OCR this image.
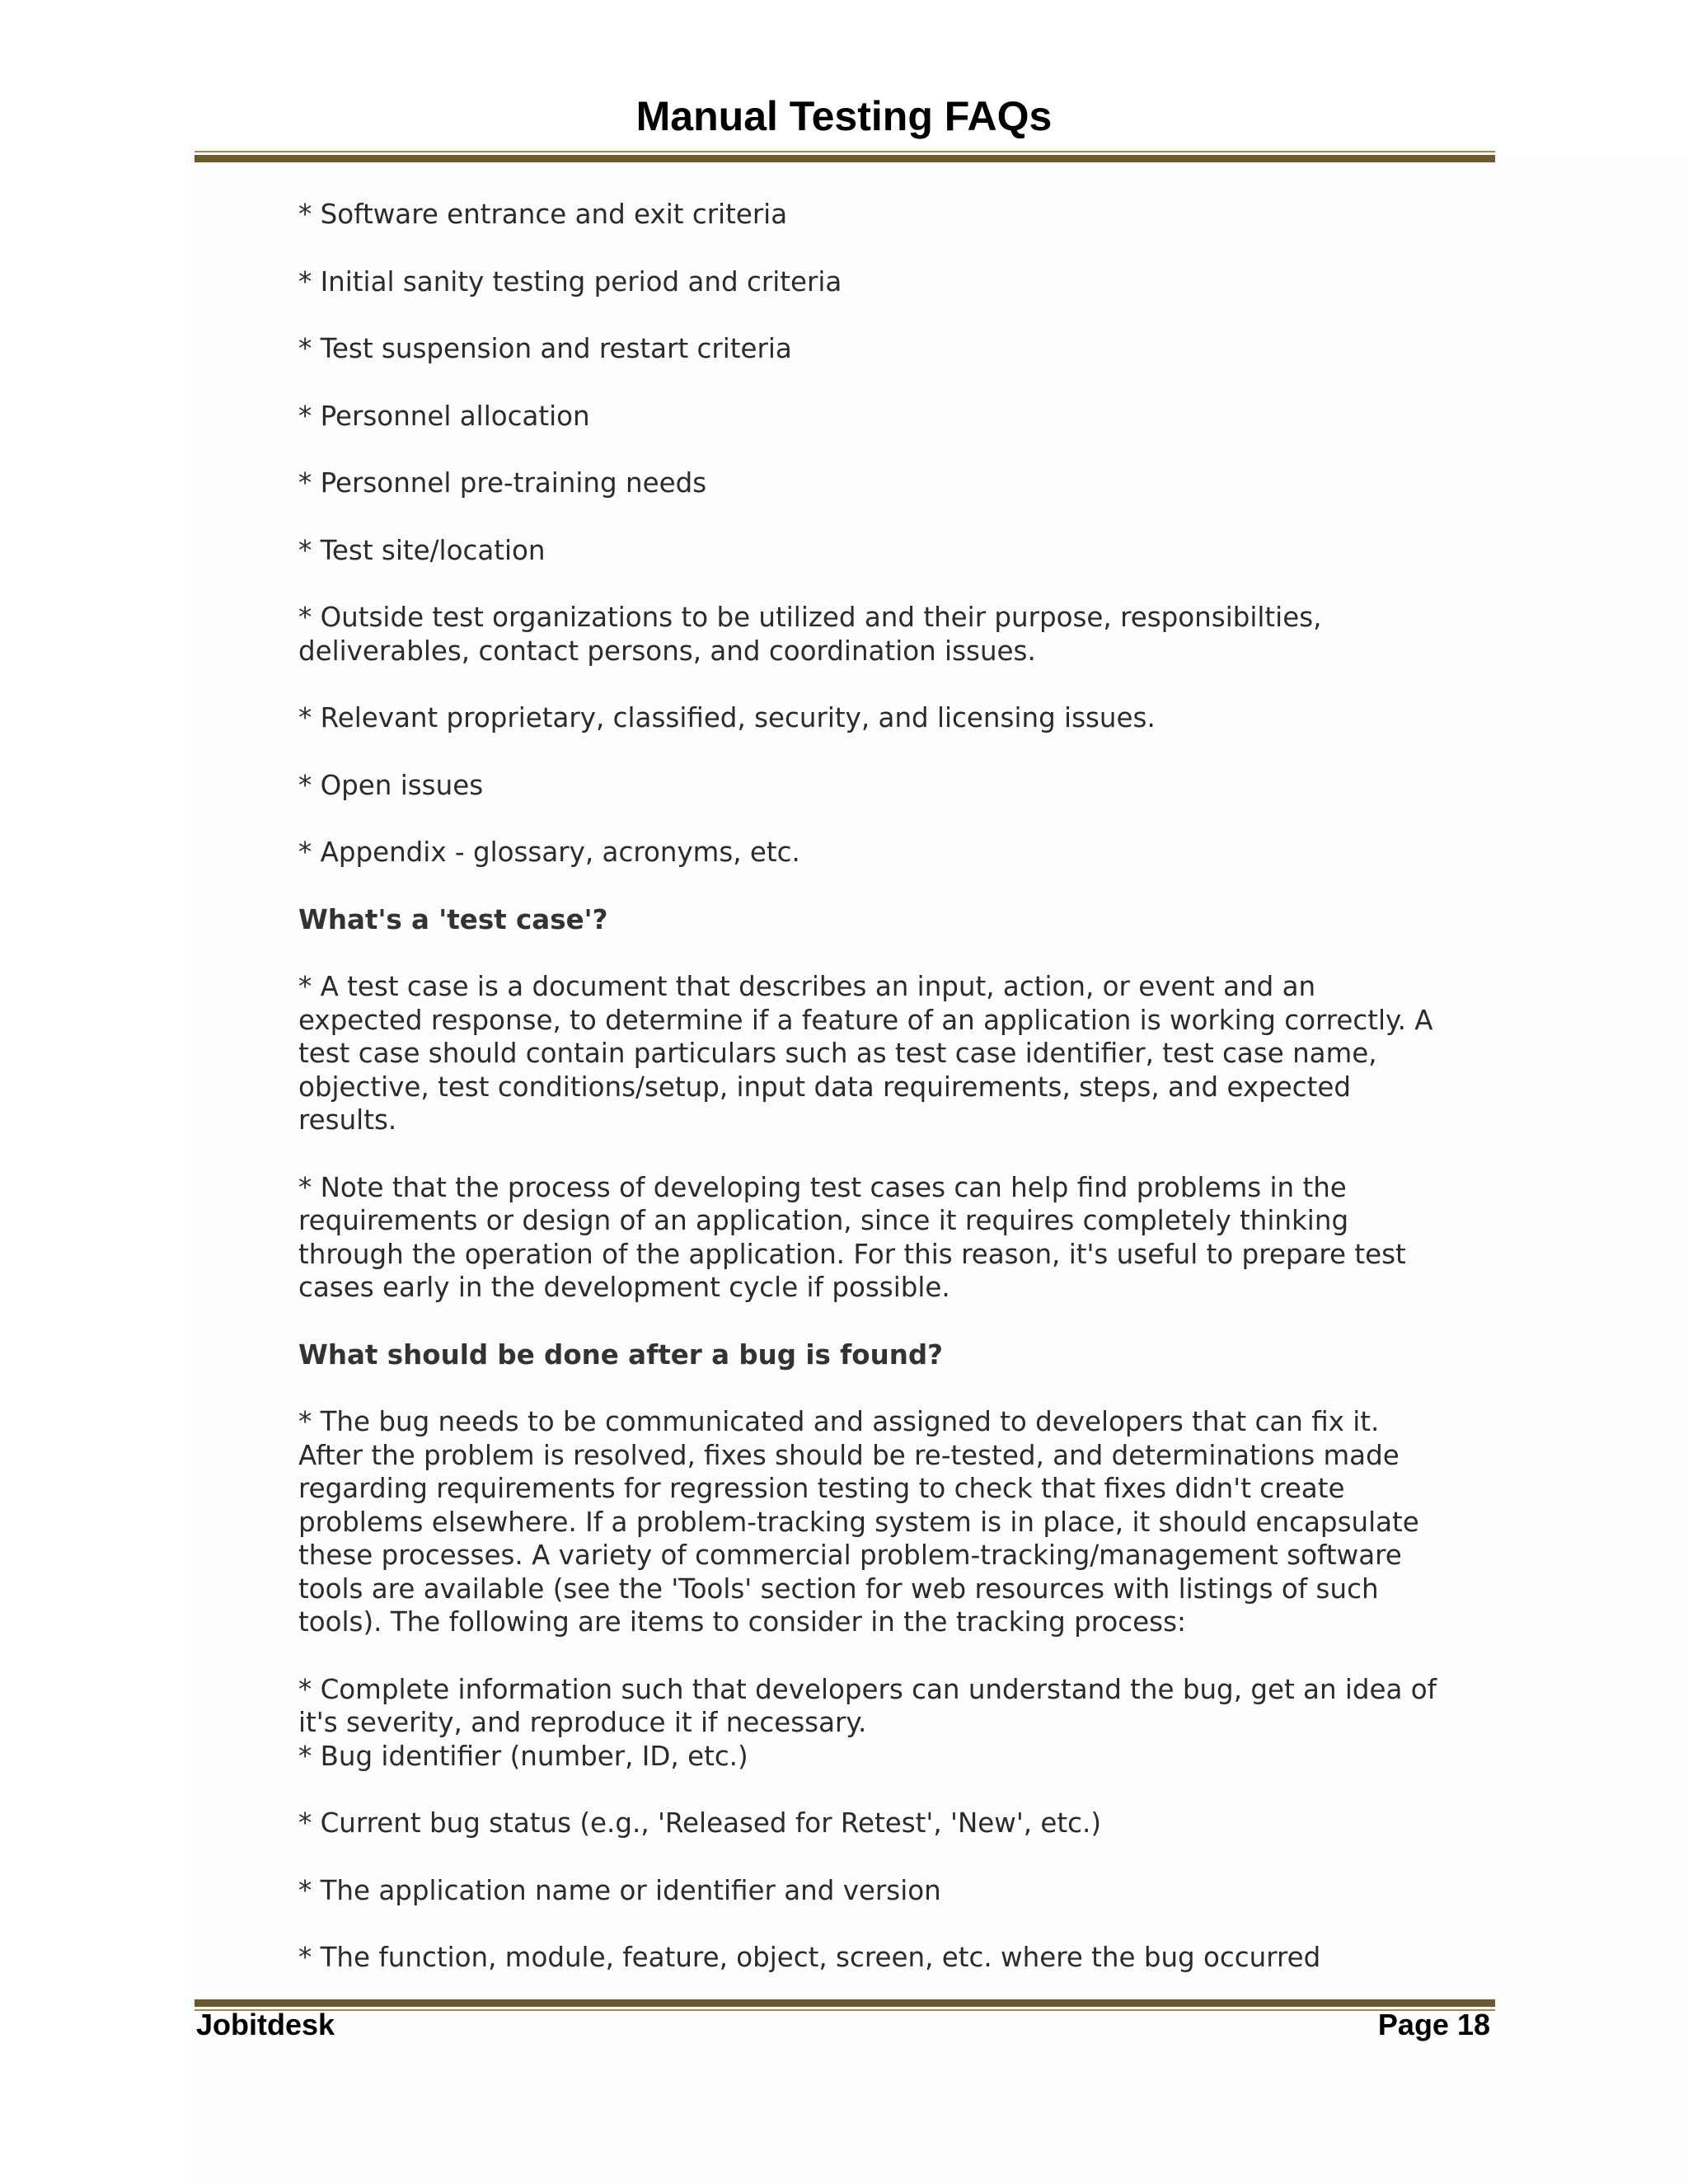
Manual Testing FAQs

* Software entrance and exit criteria

* Initial sanity testing period and criteria

* Test suspension and restart criteria

* Personnel allocation

* Personnel pre-training needs

* Test site/location

* Outside test organizations to be utilized and their purpose, responsibilties,
deliverables, contact persons, and coordination issues.

* Relevant proprietary, classified, security, and licensing issues.

* Open issues

* Appendix - glossary, acronyms, etc.

What's a 'test case'?

* A test case is a document that describes an input, action, or event and an
expected response, to determine if a feature of an application is working correctly. A
test case should contain particulars such as test case identifier, test case name,
objective, test conditions/setup, input data requirements, steps, and expected
results.

* Note that the process of developing test cases can help find problems in the
requirements or design of an application, since it requires completely thinking
through the operation of the application. For this reason, it's useful to prepare test
cases early in the development cycle if possible.

What should be done after a bug is found?

* The bug needs to be communicated and assigned to developers that can fix it.
After the problem is resolved, fixes should be re-tested, and determinations made
regarding requirements for regression testing to check that fixes didn't create
problems elsewhere. If a problem-tracking system is in place, it should encapsulate
these processes. A variety of commercial problem-tracking/management software
tools are available (see the 'Tools' section for web resources with listings of such
tools). The following are items to consider in the tracking process:

* Complete information such that developers can understand the bug, get an idea of
it's severity, and reproduce it if necessary.

* Bug identifier (number, ID, etc.)

* Current bug status (e.g., 'Released for Retest', 'New', etc.)

* The application name or identifier and version

* The function, module, feature, object, screen, etc. where the bug occurred

Jobitdesk	Page 18
